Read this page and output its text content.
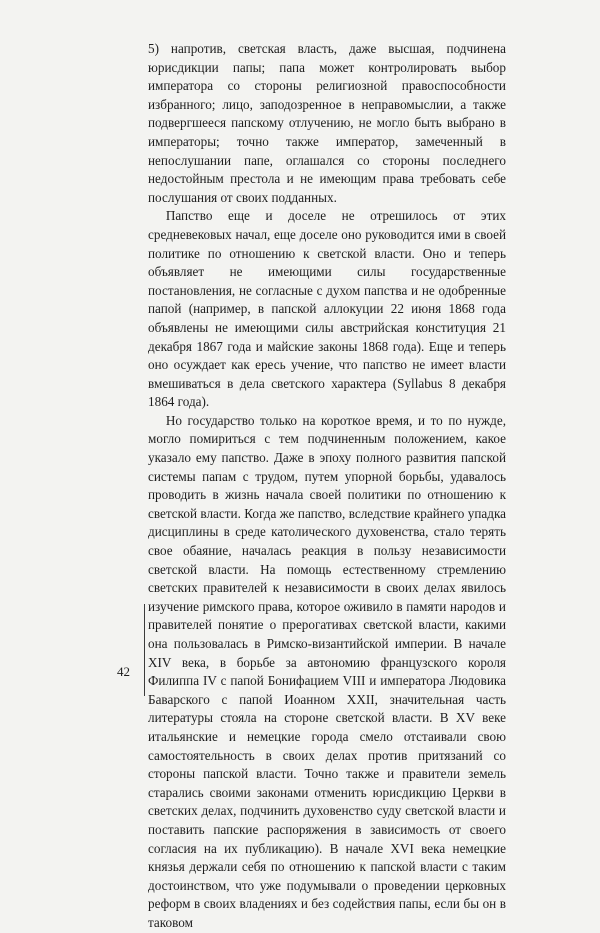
5) напротив, светская власть, даже высшая, подчинена юрисдикции папы; папа может контролировать выбор императора со стороны религиозной правоспособности избранного; лицо, заподозренное в неправомыслии, а также подвергшееся папскому отлучению, не могло быть выбрано в императоры; точно также император, замеченный в непослушании папе, оглашался со стороны последнего недостойным престола и не имеющим права требовать себе послушания от своих подданных.

Папство еще и доселе не отрешилось от этих средневековых начал, еще доселе оно руководится ими в своей политике по отношению к светской власти. Оно и теперь объявляет не имеющими силы государственные постановления, не согласные с духом папства и не одобренные папой (например, в папской аллокуции 22 июня 1868 года объявлены не имеющими силы австрийская конституция 21 декабря 1867 года и майские законы 1868 года). Еще и теперь оно осуждает как ересь учение, что папство не имеет власти вмешиваться в дела светского характера (Syllabus 8 декабря 1864 года).

Но государство только на короткое время, и то по нужде, могло помириться с тем подчиненным положением, какое указало ему папство. Даже в эпоху полного развития папской системы папам с трудом, путем упорной борьбы, удавалось проводить в жизнь начала своей политики по отношению к светской власти. Когда же папство, вследствие крайнего упадка дисциплины в среде католического духовенства, стало терять свое обаяние, началась реакция в пользу независимости светской власти. На помощь естественному стремлению светских правителей к независимости в своих делах явилось изучение римского права, которое оживило в памяти народов и правителей понятие о прерогативах светской власти, какими она пользовалась в Римско-византийской империи. В начале XIV века, в борьбе за автономию французского короля Филиппа IV с папой Бонифацием VIII и императора Людовика Баварского с папой Иоанном XXII, значительная часть литературы стояла на стороне светской власти. В XV веке итальянские и немецкие города смело отстаивали свою самостоятельность в своих делах против притязаний со стороны папской власти. Точно также и правители земель старались своими законами отменить юрисдикцию Церкви в светских делах, подчинить духовенство суду светской власти и поставить папские распоряжения в зависимость от своего согласия на их публикацию). В начале XVI века немецкие князья держали себя по отношению к папской власти с таким достоинством, что уже подумывали о проведении церковных реформ в своих владениях и без содействия папы, если бы он в таковом

42
